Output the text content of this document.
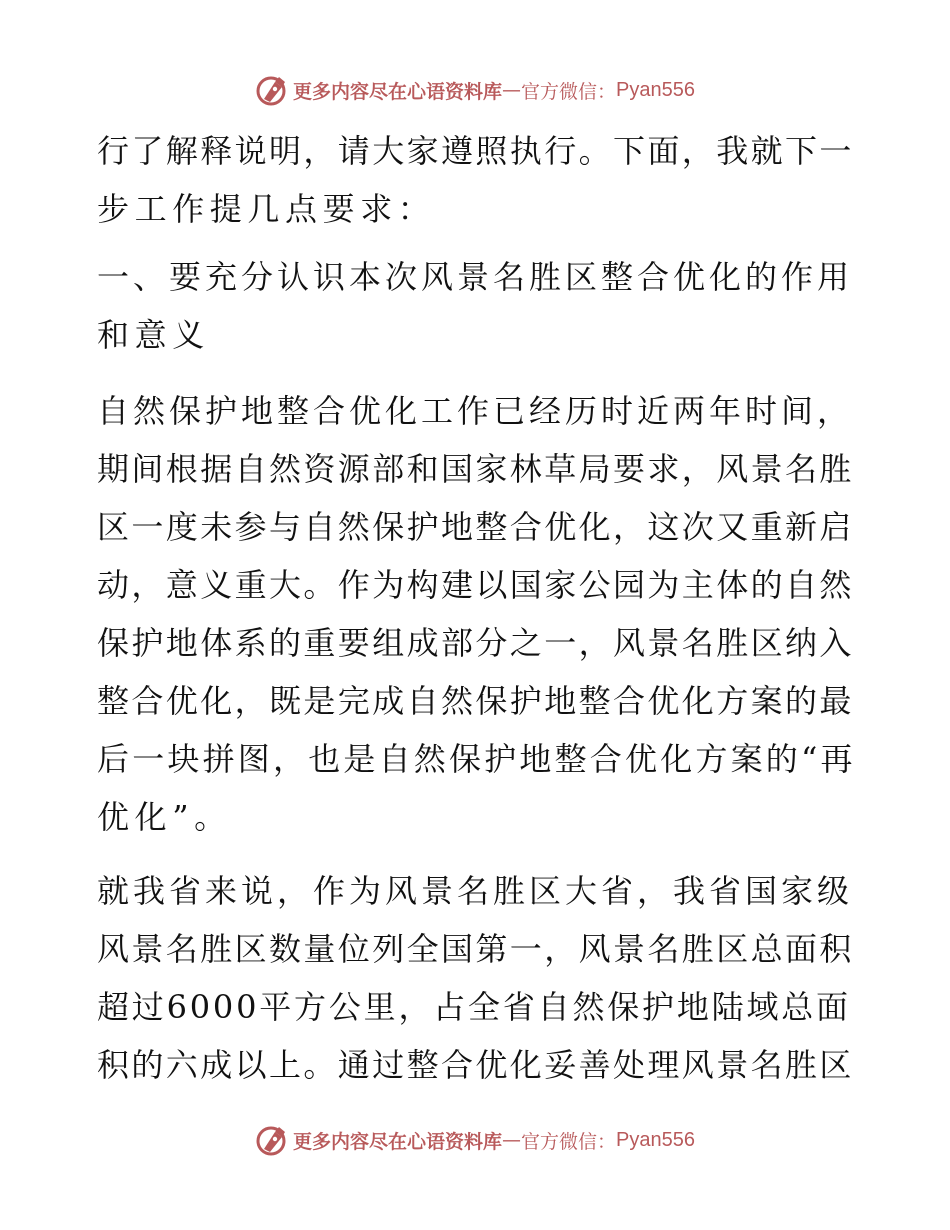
更多内容尽在心语资料库 — 官方微信： Pyan556
行了解释说明，请大家遵照执行。下面，我就下一
步工作提几点要求：
一、要充分认识本次风景名胜区整合优化的作用
和意义
自然保护地整合优化工作已经历时近两年时间，
期间根据自然资源部和国家林草局要求，风景名胜
区一度未参与自然保护地整合优化，这次又重新启
动，意义重大。作为构建以国家公园为主体的自然
保护地体系的重要组成部分之一，风景名胜区纳入
整合优化，既是完成自然保护地整合优化方案的最
后一块拼图，也是自然保护地整合优化方案的“再
优化”。
就我省来说，作为风景名胜区大省，我省国家级
风景名胜区数量位列全国第一，风景名胜区总面积
超过6000平方公里，占全省自然保护地陆域总面
积的六成以上。通过整合优化妥善处理风景名胜区
更多内容尽在心语资料库 — 官方微信： Pyan556
